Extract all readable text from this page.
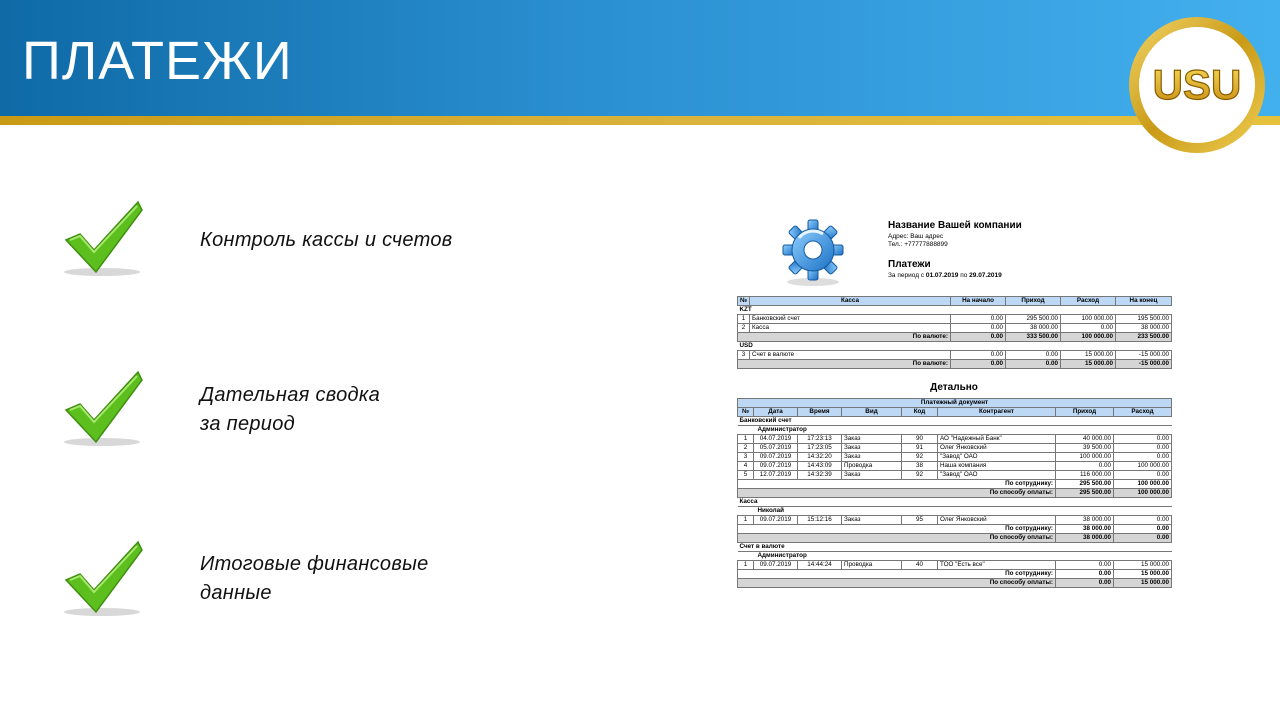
ПЛАТЕЖИ	USU
Контроль кассы и счетов
Дательная сводка
за период
Итоговые финансовые
данные
Название Вашей компании
Адрес: Ваш адрес
Тел.: +77777888899
Платежи
За период с 01.07.2019 по 29.07.2019
№	Касса	На начало	Приход	Расход	На конец
KZT					
1	Банковский счет	0.00	295 500.00	100 000.00	195 500.00
2	Касса	0.00	38 000.00	0.00	38 000.00
По валюте:		0.00	333 500.00	100 000.00	233 500.00
USD					
3	Счет в валюте	0.00	0.00	15 000.00	-15 000.00
По валюте:		0.00	0.00	15 000.00	-15 000.00
Детально
Платежный документ							
№	Дата	Время	Вид	Код	Контрагент	Приход	Расход
Банковский счет							
Администратор							
1	04.07.2019	17:23:13	Заказ	90	АО "Надежный Банк"	40 000.00	0.00
2	05.07.2019	17:23:05	Заказ	91	Олег Янковский	39 500.00	0.00
3	09.07.2019	14:32:20	Заказ	92	"Завод" ОАО	100 000.00	0.00
4	09.07.2019	14:43:09	Проводка	38	Наша компания	0.00	100 000.00
5	12.07.2019	14:32:39	Заказ	92	"Завод" ОАО	116 000.00	0.00
По сотруднику:						295 500.00	100 000.00
По способу оплаты:						295 500.00	100 000.00
Касса							
Николай							
1	09.07.2019	15:12:16	Заказ	95	Олег Янковский	38 000.00	0.00
По сотруднику:						38 000.00	0.00
По способу оплаты:						38 000.00	0.00
Счет в валюте							
Администратор							
1	09.07.2019	14:44:24	Проводка	40	ТОО "Есть все"	0.00	15 000.00
По сотруднику:						0.00	15 000.00
По способу оплаты:						0.00	15 000.00
